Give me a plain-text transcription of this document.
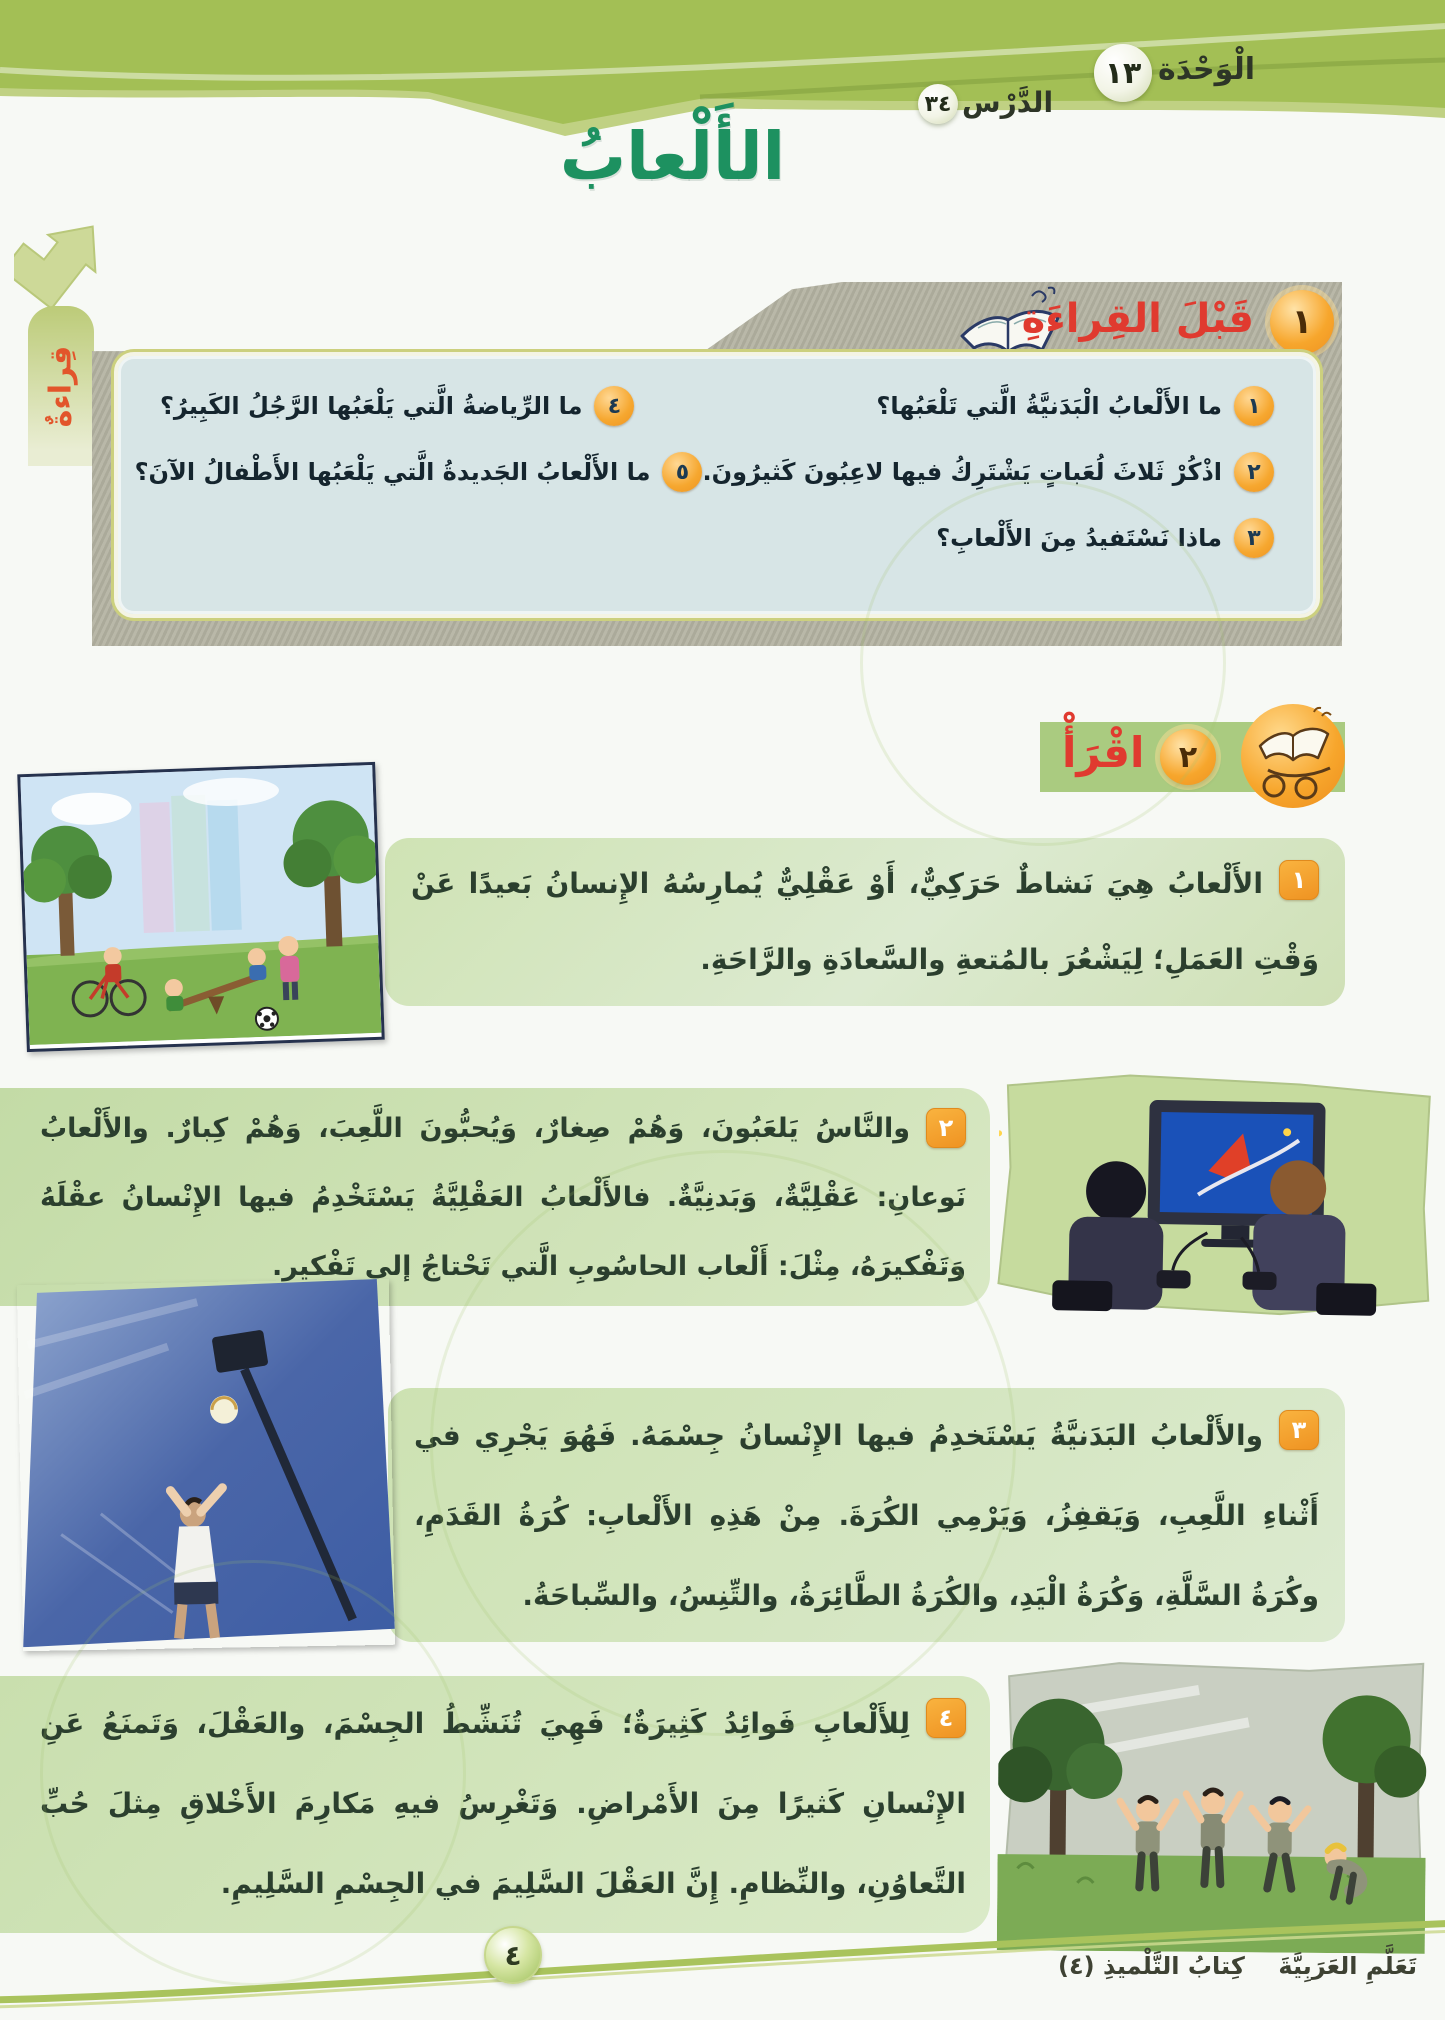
الْوَحْدَة
١٣
الدَّرْس
٣٤
الأَلْعابُ
قِراءةٌ
قَبْلَ القِراءَةِ	١
١
ما الأَلْعابُ الْبَدَنيَّةُ الَّتي تَلْعَبُها؟
٤
ما الرِّياضةُ الَّتي يَلْعَبُها الرَّجُلُ الكَبِيرُ؟
٢
اذْكُرْ ثَلاثَ لُعَباتٍ يَشْتَرِكُ فيها لاعِبُونَ كَثيرُونَ.
٥
ما الأَلْعابُ الجَديدةُ الَّتي يَلْعَبُها الأَطْفالُ الآنَ؟
٣
ماذا نَسْتَفيدُ مِنَ الأَلْعابِ؟
اقْرَأْ	٢
١
الأَلْعابُ هِيَ نَشاطٌ حَرَكِيٌّ، أَوْ عَقْلِيٌّ يُمارِسُهُ الإِنسانُ بَعيدًا عَنْ وَقْتِ العَمَلِ؛ لِيَشْعُرَ بالمُتعةِ والسَّعادَةِ والرَّاحَةِ.
٢
والنَّاسُ يَلعَبُونَ، وَهُمْ صِغارٌ، وَيُحبُّونَ اللَّعِبَ، وَهُمْ كِبارٌ. والأَلْعابُ نَوعانِ: عَقْلِيَّةٌ، وَبَدنِيَّةٌ. فالأَلْعابُ العَقْلِيَّةُ يَسْتَخْدِمُ فيها الإِنْسانُ عقْلَهُ وَتَفْكيرَهُ، مِثْلَ: أَلْعاب الحاسُوبِ الَّتي تَحْتاجُ إلى تَفْكيرٍ.
٣
والأَلْعابُ البَدَنيَّةُ يَسْتَخدِمُ فيها الإِنْسانُ جِسْمَهُ. فَهُوَ يَجْرِي في أَثْناءِ اللَّعِبِ، وَيَقفِزُ، وَيَرْمِي الكُرَةَ. مِنْ هَذِهِ الأَلْعابِ: كُرَةُ القَدَمِ، وكُرَةُ السَّلَّةِ، وَكُرَةُ الْيَدِ، والكُرَةُ الطَّائِرَةُ، والتِّنِسُ، والسِّباحَةُ.
٤
لِلأَلْعابِ فَوائِدُ كَثِيرَةٌ؛ فَهِيَ تُنَشِّطُ الجِسْمَ، والعَقْلَ، وَتَمنَعُ عَنِ الإِنْسانِ كَثيرًا مِنَ الأَمْراضِ. وَتَغْرِسُ فيهِ مَكارِمَ الأَخْلاقِ مِثلَ حُبِّ التَّعاوُنِ، والنِّظامِ. إِنَّ العَقْلَ السَّلِيمَ في الجِسْمِ السَّلِيمِ.
٤	تَعَلَّمِ العَرَبِيَّةَ
كِتابُ التَّلْميذِ (٤)
